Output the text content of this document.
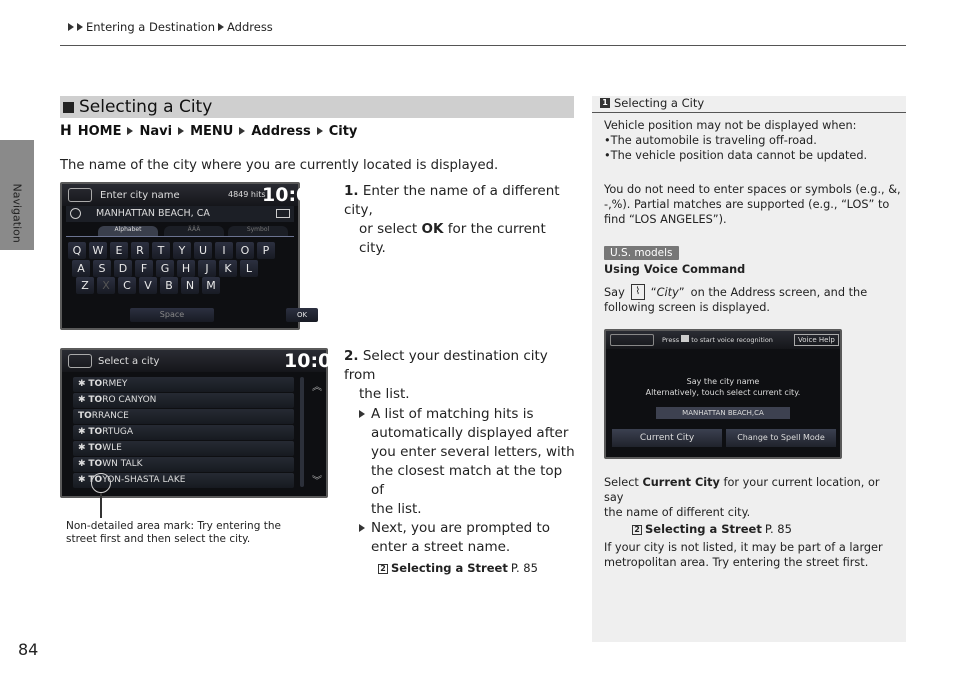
Entering a Destination Address
Navigation
84
Selecting a City
H HOME Navi MENU Address City
The name of the city where you are currently located is displayed.
Enter city name	4849 hits
10:00
MANHATTAN BEACH, CA
Alphabet	ÄÄÄ	Symbol
Q	W	E	R	T	Y	U	I	O	P
A	S	D	F	G	H	J	K	L
Z	X	C	V	B	N	M
Space	OK
1. Enter the name of a different city,
or select OK for the current city.
Select a city	10:00
✱ TORMEY
✱ TORO CANYON
TORRANCE
✱ TORTUGA
✱ TOWLE
✱ TOWN TALK
✱ TOYON-SHASTA LAKE
︽
︾
Non-detailed area mark: Try entering the
street first and then select the city.
2. Select your destination city from
the list.
A list of matching hits is
automatically displayed after
you enter several letters, with
the closest match at the top of
the list.
Next, you are prompted to
enter a street name.
2 Selecting a Street P. 85
1 Selecting a City
Vehicle position may not be displayed when:
•The automobile is traveling off-road.
•The vehicle position data cannot be updated.
You do not need to enter spaces or symbols (e.g., &,
-,%). Partial matches are supported (e.g., “LOS” to
find “LOS ANGELES”).
U.S. models
Using Voice Command
Say	⌇ “City” on the Address screen, and the
following screen is displayed.
Press to start voice recognition	Voice Help
Say the city name
Alternatively, touch select current city.
MANHATTAN BEACH,CA
Current City	Change to Spell Mode
Select Current City for your current location, or say
the name of different city.
2 Selecting a Street P. 85
If your city is not listed, it may be part of a larger
metropolitan area. Try entering the street first.
